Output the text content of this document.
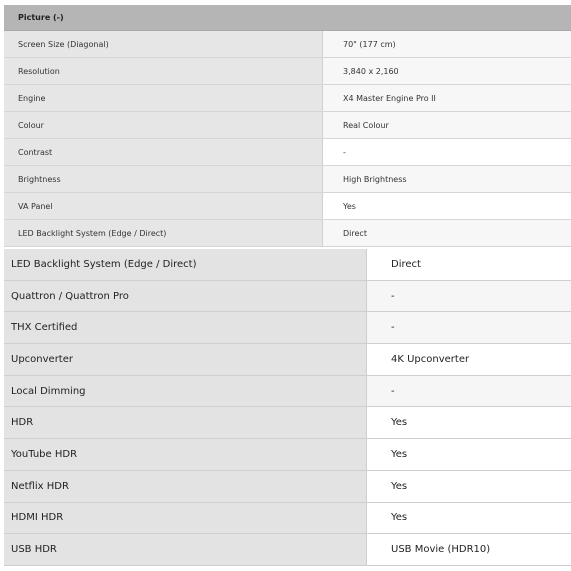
Picture (-)
Screen Size (Diagonal)	70" (177 cm)
Resolution	3,840 x 2,160
Engine	X4 Master Engine Pro II
Colour	Real Colour
Contrast	-
Brightness	High Brightness
VA Panel	Yes
LED Backlight System (Edge / Direct)	Direct
LED Backlight System (Edge / Direct)	Direct
Quattron / Quattron Pro	-
THX Certified	-
Upconverter	4K Upconverter
Local Dimming	-
HDR	Yes
YouTube HDR	Yes
Netflix HDR	Yes
HDMI HDR	Yes
USB HDR	USB Movie (HDR10)
